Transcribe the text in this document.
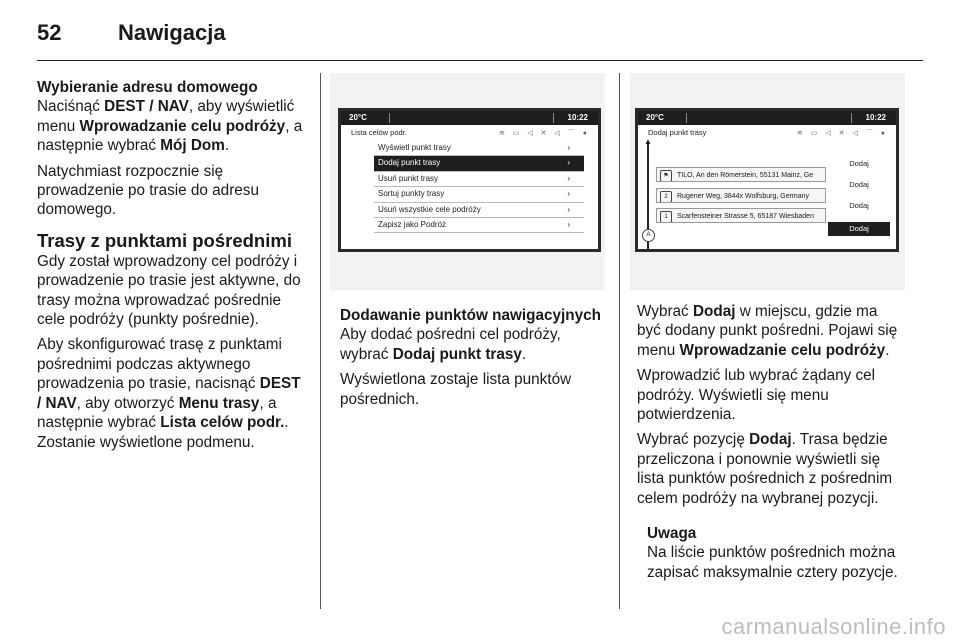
52	Nawigacja
Wybieranie adresu domowego

Naciśnąć DEST / NAV, aby wyświetlić menu Wprowadzanie celu podróży, a następnie wybrać Mój Dom.

Natychmiast rozpocznie się prowadzenie po trasie do adresu domowego.

Trasy z punktami pośrednimi

Gdy został wprowadzony cel podróży i prowadzenie po trasie jest aktywne, do trasy można wprowadzać pośrednie cele podróży (punkty pośrednie).

Aby skonfigurować trasę z punktami pośrednimi podczas aktywnego prowadzenia po trasie, nacisnąć DEST / NAV, aby otworzyć Menu trasy, a następnie wybrać Lista celów podr.. Zostanie wyświetlone podmenu.

20°C	10:22
Lista celów podr.	≋ ▭ ◁ ✕ ◁ ⌒ ●
Wyświetl punkt trasy	›
Dodaj punkt trasy	›
Usuń punkt trasy	›
Sortuj punkty trasy	›
Usuń wszystkie cele podróży	›
Zapisz jako Podróż	›
Dodawanie punktów nawigacyjnych

Aby dodać pośredni cel podróży, wybrać Dodaj punkt trasy.

Wyświetlona zostaje lista punktów pośrednich.

20°C	10:22
Dodaj punkt trasy	≋ ▭ ◁ ✕ ◁ ⌒ ●
▲
⚑	TILO, An den Römerstein, 55131 Mainz, Ge
2	Rugener Weg, 3844x Wolfsburg, Germany
1	Scarfensteiner Strasse 5, 65187 Wiesbaden
A
Dodaj
Dodaj
Dodaj
Dodaj

Wybrać Dodaj w miejscu, gdzie ma być dodany punkt pośredni. Pojawi się menu Wprowadzanie celu podróży.

Wprowadzić lub wybrać żądany cel podróży. Wyświetli się menu potwierdzenia.

Wybrać pozycję Dodaj. Trasa będzie przeliczona i ponownie wyświetli się lista punktów pośrednich z pośrednim celem podróży na wybranej pozycji.

Uwaga
Na liście punktów pośrednich można zapisać maksymalnie cztery pozycje.
carmanualsonline.info
